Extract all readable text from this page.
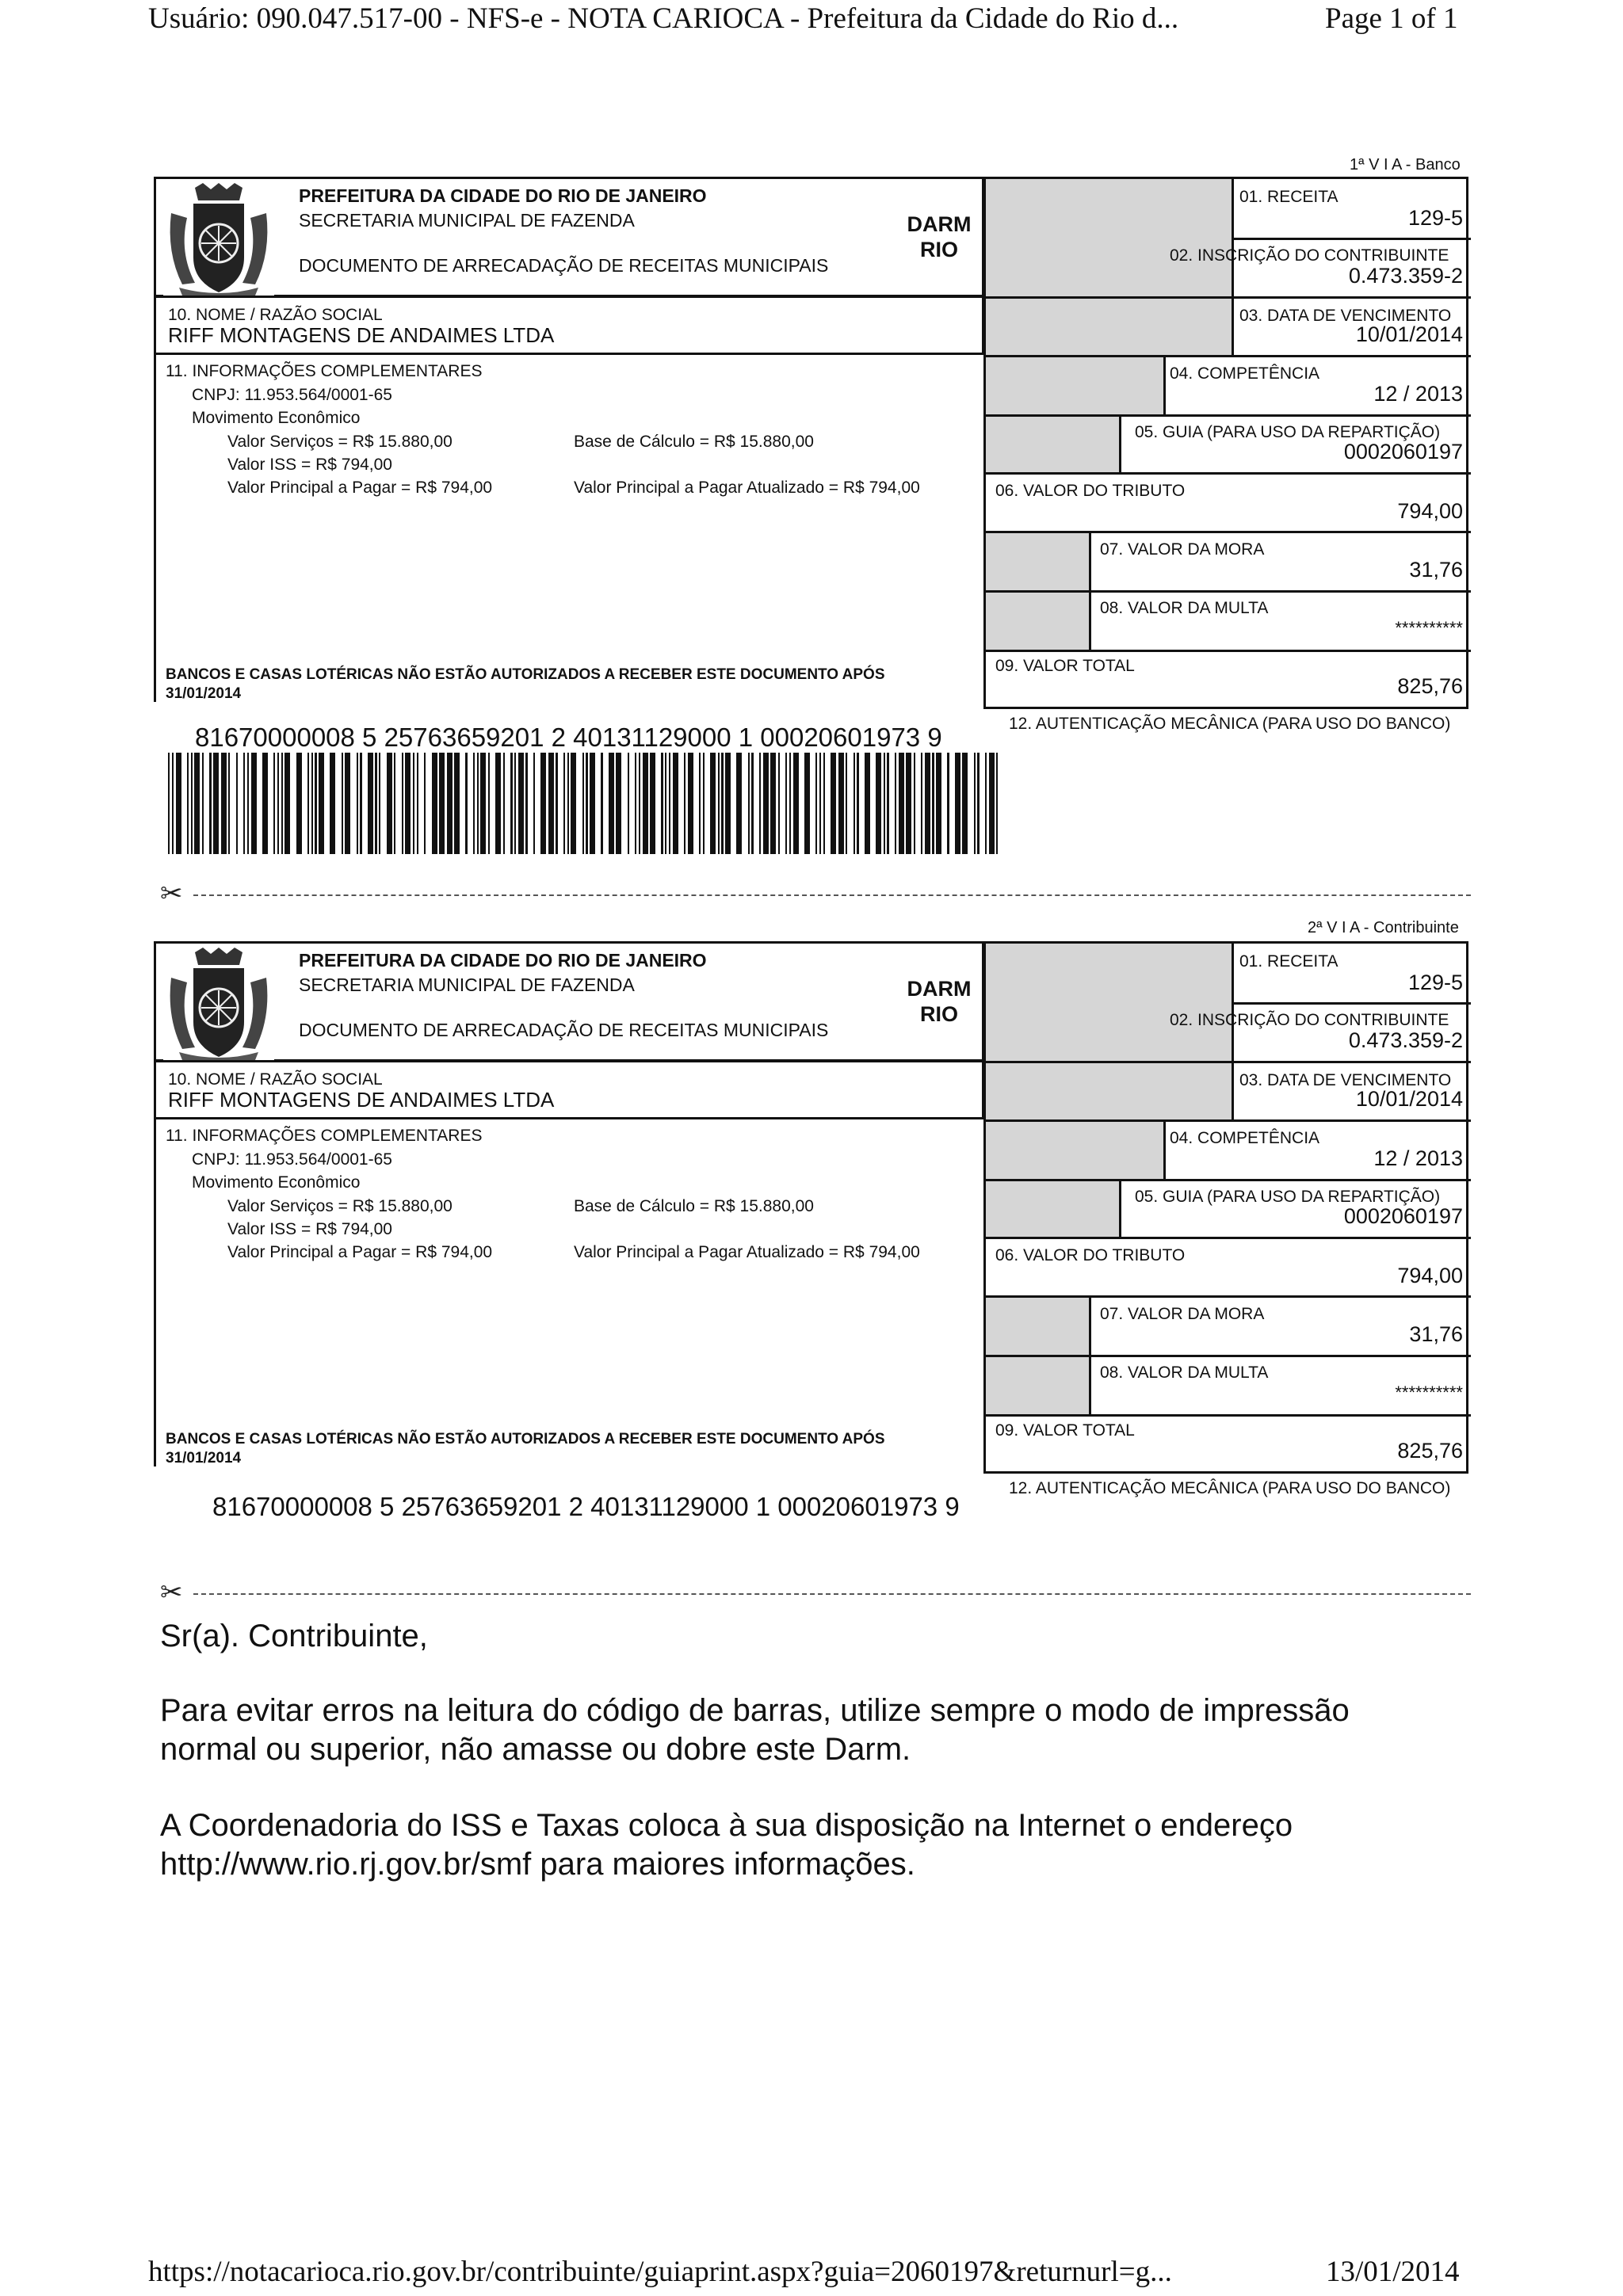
Usuário: 090.047.517-00 - NFS-e - NOTA CARIOCA - Prefeitura da Cidade do Rio d...	Page 1 of 1
1ª V I A - Banco
PREFEITURA DA CIDADE DO RIO DE JANEIRO
SECRETARIA MUNICIPAL DE FAZENDA
DOCUMENTO DE ARRECADAÇÃO DE RECEITAS MUNICIPAIS
DARM
RIO
10. NOME / RAZÃO SOCIAL
RIFF MONTAGENS DE ANDAIMES LTDA
11. INFORMAÇÕES COMPLEMENTARES
CNPJ: 11.953.564/0001-65
Movimento Econômico
Valor Serviços = R$ 15.880,00	Base de Cálculo = R$ 15.880,00
Valor ISS = R$ 794,00
Valor Principal a Pagar = R$ 794,00	Valor Principal a Pagar Atualizado = R$ 794,00
BANCOS E CASAS LOTÉRICAS NÃO ESTÃO AUTORIZADOS A RECEBER ESTE DOCUMENTO APÓS
31/01/2014
01. RECEITA
129-5
02. INSCRIÇÃO DO CONTRIBUINTE
0.473.359-2
03. DATA DE VENCIMENTO
10/01/2014
04. COMPETÊNCIA
12 / 2013
05. GUIA (PARA USO DA REPARTIÇÃO)
0002060197
06. VALOR DO TRIBUTO
794,00
07. VALOR DA MORA
31,76
08. VALOR DA MULTA
**********
09. VALOR TOTAL
825,76
12. AUTENTICAÇÃO MECÂNICA (PARA USO DO BANCO)
81670000008 5 25763659201 2 40131129000 1 00020601973 9
✂
2ª V I A - Contribuinte
PREFEITURA DA CIDADE DO RIO DE JANEIRO
SECRETARIA MUNICIPAL DE FAZENDA
DOCUMENTO DE ARRECADAÇÃO DE RECEITAS MUNICIPAIS
DARM
RIO
10. NOME / RAZÃO SOCIAL
RIFF MONTAGENS DE ANDAIMES LTDA
11. INFORMAÇÕES COMPLEMENTARES
CNPJ: 11.953.564/0001-65
Movimento Econômico
Valor Serviços = R$ 15.880,00	Base de Cálculo = R$ 15.880,00
Valor ISS = R$ 794,00
Valor Principal a Pagar = R$ 794,00	Valor Principal a Pagar Atualizado = R$ 794,00
BANCOS E CASAS LOTÉRICAS NÃO ESTÃO AUTORIZADOS A RECEBER ESTE DOCUMENTO APÓS
31/01/2014
01. RECEITA
129-5
02. INSCRIÇÃO DO CONTRIBUINTE
0.473.359-2
03. DATA DE VENCIMENTO
10/01/2014
04. COMPETÊNCIA
12 / 2013
05. GUIA (PARA USO DA REPARTIÇÃO)
0002060197
06. VALOR DO TRIBUTO
794,00
07. VALOR DA MORA
31,76
08. VALOR DA MULTA
**********
09. VALOR TOTAL
825,76
12. AUTENTICAÇÃO MECÂNICA (PARA USO DO BANCO)
81670000008 5 25763659201 2 40131129000 1 00020601973 9
✂
Sr(a). Contribuinte,
Para evitar erros na leitura do código de barras, utilize sempre o modo de impressão
normal ou superior, não amasse ou dobre este Darm.
A Coordenadoria do ISS e Taxas coloca à sua disposição na Internet o endereço
http://www.rio.rj.gov.br/smf para maiores informações.
https://notacarioca.rio.gov.br/contribuinte/guiaprint.aspx?guia=2060197&returnurl=g...	13/01/2014
